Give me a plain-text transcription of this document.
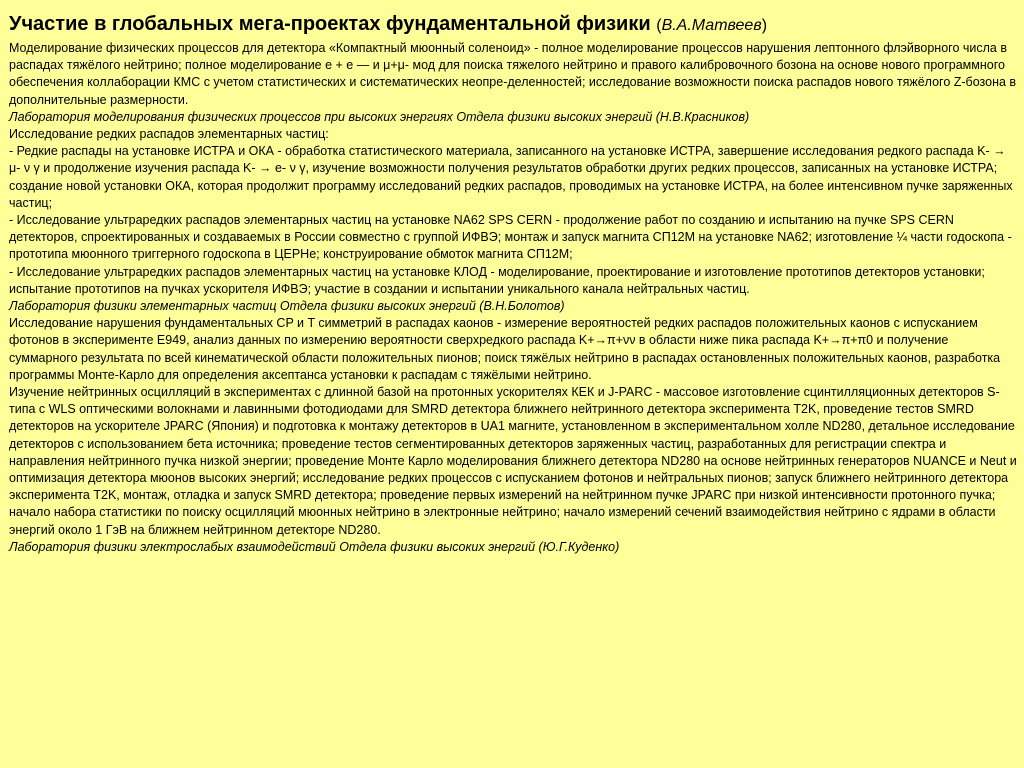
Участие в глобальных мега-проектах фундаментальной физики (В.А.Матвеев)

Моделирование физических процессов для детектора «Компактный мюонный соленоид» - полное моделирование процессов нарушения лептонного флэйворного числа в распадах тяжёлого нейтрино; полное моделирование e + e — и μ+μ- мод для поиска тяжелого нейтрино и правого калибровочного бозона на основе нового программного обеспечения коллаборации КМС с учетом статистических и систематических неопре-деленностей; исследование возможности поиска распадов нового тяжёлого Z-бозона в дополнительные размерности.

Лаборатория моделирования физических процессов при высоких энергиях Отдела физики высоких энергий (Н.В.Красников)

Исследование редких распадов элементарных частиц:

- Редкие распады на установке ИСТРА и ОКА - обработка статистического материала, записанного на установке ИСТРА, завершение исследования редкого распада K- → μ- ν γ и продолжение изучения распада K- → e- ν γ, изучение возможности получения результатов обработки других редких процессов, записанных на установке ИСТРА; создание новой установки ОКА, которая продолжит программу исследований редких распадов, проводимых на установке ИСТРА, на более интенсивном пучке заряженных частиц;

- Исследование ультраредких распадов элементарных частиц на установке NA62 SPS CERN - продолжение работ по созданию и испытанию на пучке SPS CERN детекторов, спроектированных и создаваемых в России совместно с группой ИФВЭ; монтаж и запуск магнита СП12М на установке NA62; изготовление ¼ части годоскопа - прототипа мюонного триггерного годоскопа в ЦЕРНе; конструирование обмоток магнита СП12М;

- Исследование ультраредких распадов элементарных частиц на установке КЛОД - моделирование, проектирование и изготовление прототипов детекторов установки; испытание прототипов на пучках ускорителя ИФВЭ; участие в создании и испытании уникального канала нейтральных частиц.

Лаборатория физики элементарных частиц Отдела физики высоких энергий (В.Н.Болотов)

Исследование нарушения фундаментальных CP и T симметрий в распадах каонов - измерение вероятностей редких распадов положительных каонов с испусканием фотонов в эксперименте E949, анализ данных по измерению вероятности сверхредкого распада K+→π+νν в области ниже пика распада K+→π+π0 и получение суммарного результата по всей кинематической области положительных пионов; поиск тяжёлых нейтрино в распадах остановленных положительных каонов, разработка программы Монте-Карло для определения аксептанса установки к распадам с тяжёлыми нейтрино.

Изучение нейтринных осцилляций в экспериментах с длинной базой на протонных ускорителях КЕК и J-PARC - массовое изготовление сцинтилляционных детекторов S-типа с WLS оптическими волокнами и лавинными фотодиодами для SMRD детектора ближнего нейтринного детектора эксперимента T2K, проведение тестов SMRD детекторов на ускорителе JPARC (Япония) и подготовка к монтажу детекторов в UA1 магните, установленном в экспериментальном холле ND280, детальное исследование детекторов с использованием бета источника; проведение тестов сегментированных детекторов заряженных частиц, разработанных для регистрации спектра и направления нейтринного пучка низкой энергии; проведение Монте Карло моделирования ближнего детектора ND280 на основе нейтринных генераторов NUANCE и Neut и оптимизация детектора мюонов высоких энергий; исследование редких процессов с испусканием фотонов и нейтральных пионов; запуск ближнего нейтринного детектора эксперимента T2K, монтаж, отладка и запуск SMRD детектора; проведение первых измерений на нейтринном пучке JPARC при низкой интенсивности протонного пучка; начало набора статистики по поиску осцилляций мюонных нейтрино в электронные нейтрино; начало измерений сечений взаимодействия нейтрино с ядрами в области энергий около 1 ГэВ на ближнем нейтринном детекторе ND280.

Лаборатория физики электрослабых взаимодействий Отдела физики высоких энергий (Ю.Г.Куденко)
